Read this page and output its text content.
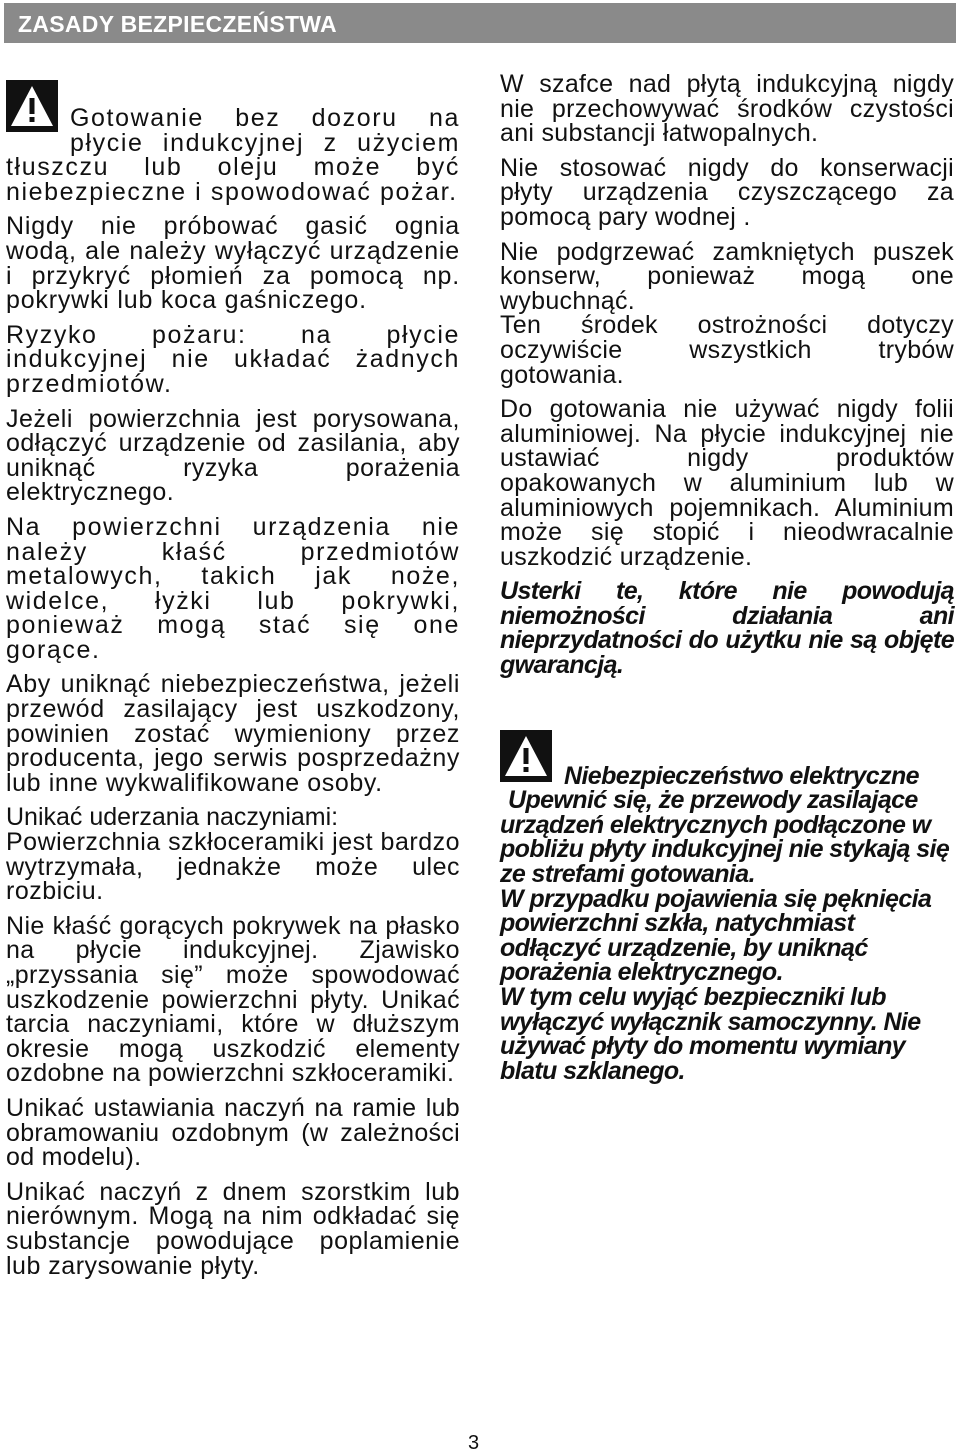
ZASADY BEZPIECZEŃSTWA

Gotowanie bez dozoru na płycie indukcyjnej z użyciem tłuszczu lub oleju może być niebezpieczne i spowodować pożar.

Nigdy nie próbować gasić ognia wodą, ale należy wyłączyć urządzenie i przykryć płomień za pomocą np. pokrywki lub koca gaśniczego.

Ryzyko pożaru: na płycie indukcyjnej nie układać żadnych przedmiotów.

Jeżeli powierzchnia jest porysowana, odłączyć urządzenie od zasilania, aby uniknąć ryzyka porażenia elektrycznego.

Na powierzchni urządzenia nie należy kłaść przedmiotów metalowych, takich jak noże, widelce, łyżki lub pokrywki, ponieważ mogą stać się one gorące.

Aby uniknąć niebezpieczeństwa, jeżeli przewód zasilający jest uszkodzony, powinien zostać wymieniony przez producenta, jego serwis posprzedażny lub inne wykwalifikowane osoby.

Unikać uderzania naczyniami:

Powierzchnia szkłoceramiki jest bardzo wytrzymała, jednakże może ulec rozbiciu.

Nie kłaść gorących pokrywek na płasko na płycie indukcyjnej. Zjawisko „przyssania się” może spowodować uszkodzenie powierzchni płyty. Unikać tarcia naczyniami, które w dłuższym okresie mogą uszkodzić elementy ozdobne na powierzchni szkłoceramiki.

Unikać ustawiania naczyń na ramie lub obramowaniu ozdobnym (w zależności od modelu).

Unikać naczyń z dnem szorstkim lub nierównym. Mogą na nim odkładać się substancje powodujące poplamienie lub zarysowanie płyty.

W szafce nad płytą indukcyjną nigdy nie przechowywać środków czystości ani substancji łatwopalnych.

Nie stosować nigdy do konserwacji płyty urządzenia czyszczącego za pomocą pary wodnej .

Nie podgrzewać zamkniętych puszek konserw, ponieważ mogą one wybuchnąć.

Ten środek ostrożności dotyczy oczywiście wszystkich trybów gotowania.

Do gotowania nie używać nigdy folii aluminiowej. Na płycie indukcyjnej nie ustawiać nigdy produktów opakowanych w aluminium lub w aluminiowych pojemnikach. Aluminium może się stopić i nieodwracalnie uszkodzić urządzenie.

Usterki te, które nie powodują niemożności działania ani nieprzydatności do użytku nie są objęte gwarancją.

Niebezpieczeństwo elektryczne

Upewnić się, że przewody zasilające urządzeń elektrycznych podłączone w pobliżu płyty indukcyjnej nie stykają się ze strefami gotowania.

W przypadku pojawienia się pęknięcia powierzchni szkła, natychmiast odłączyć urządzenie, by uniknąć porażenia elektrycznego.

W tym celu wyjąć bezpieczniki lub wyłączyć wyłącznik samoczynny. Nie używać płyty do momentu wymiany blatu szklanego.

3
